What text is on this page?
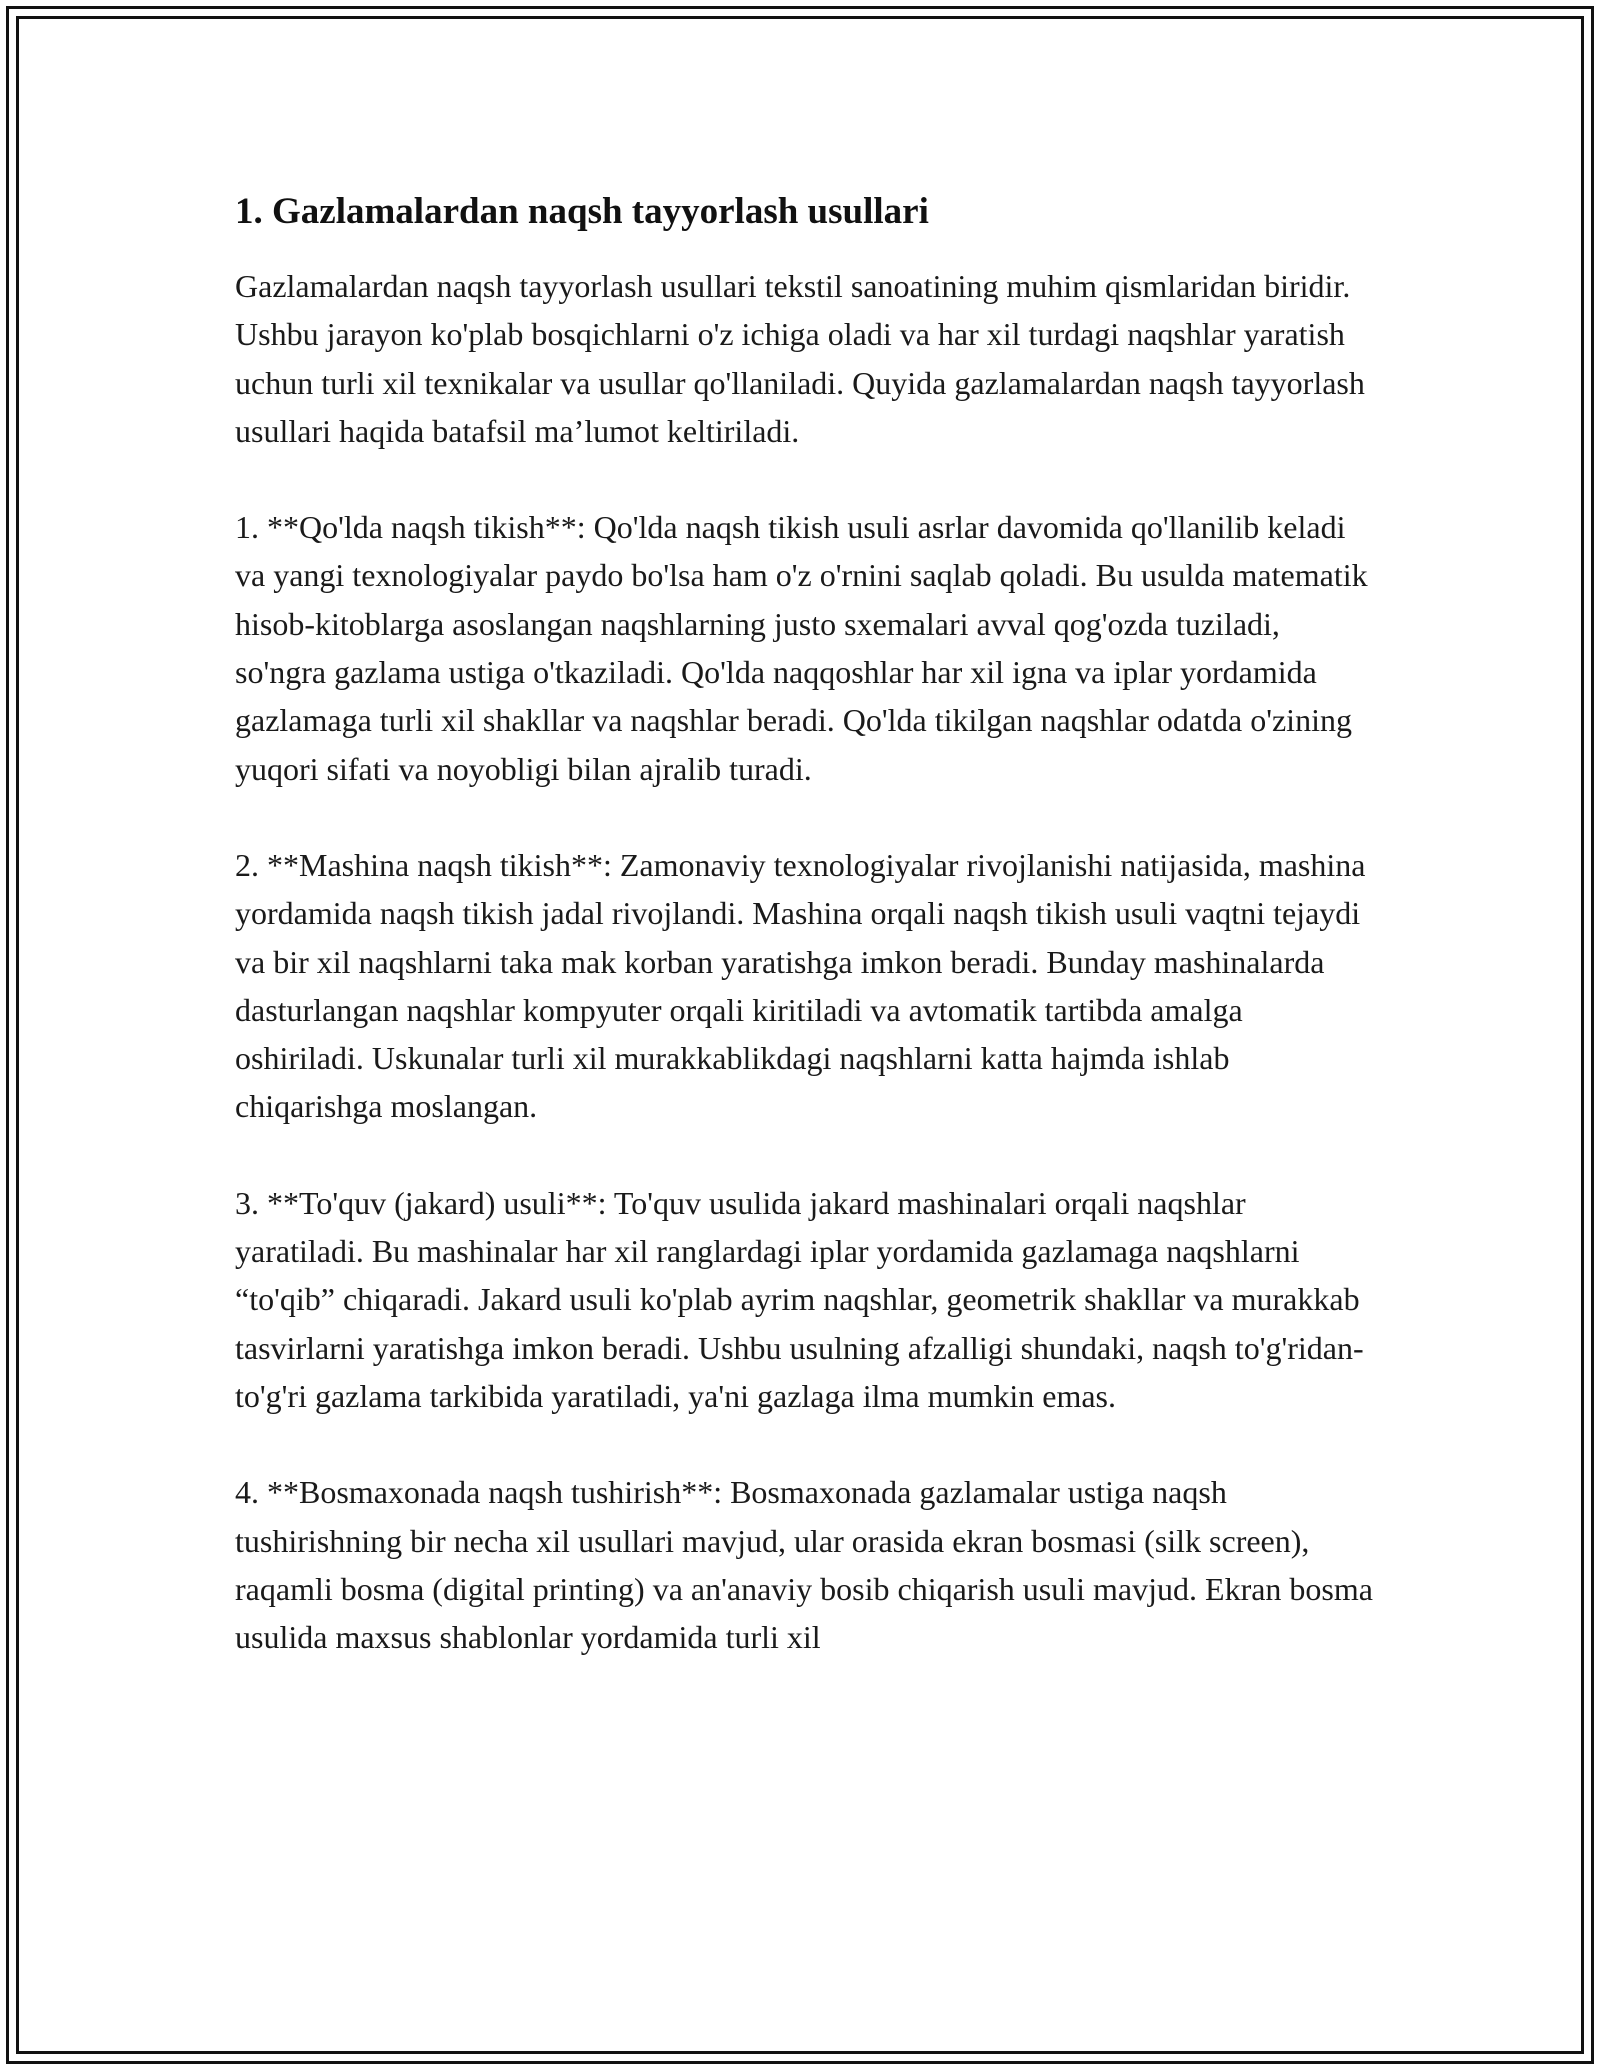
1. Gazlamalardan naqsh tayyorlash usullari

Gazlamalardan naqsh tayyorlash usullari tekstil sanoatining muhim qismlaridan biridir. Ushbu jarayon ko'plab bosqichlarni o'z ichiga oladi va har xil turdagi naqshlar yaratish uchun turli xil texnikalar va usullar qo'llaniladi. Quyida gazlamalardan naqsh tayyorlash usullari haqida batafsil ma’lumot keltiriladi.

1. **Qo'lda naqsh tikish**: Qo'lda naqsh tikish usuli asrlar davomida qo'llanilib keladi va yangi texnologiyalar paydo bo'lsa ham o'z o'rnini saqlab qoladi. Bu usulda matematik hisob-kitoblarga asoslangan naqshlarning justo sxemalari avval qog'ozda tuziladi, so'ngra gazlama ustiga o'tkaziladi. Qo'lda naqqoshlar har xil igna va iplar yordamida gazlamaga turli xil shakllar va naqshlar beradi. Qo'lda tikilgan naqshlar odatda o'zining yuqori sifati va noyobligi bilan ajralib turadi.

2. **Mashina naqsh tikish**: Zamonaviy texnologiyalar rivojlanishi natijasida, mashina yordamida naqsh tikish jadal rivojlandi. Mashina orqali naqsh tikish usuli vaqtni tejaydi va bir xil naqshlarni taka mak korban yaratishga imkon beradi. Bunday mashinalarda dasturlangan naqshlar kompyuter orqali kiritiladi va avtomatik tartibda amalga oshiriladi. Uskunalar turli xil murakkablikdagi naqshlarni katta hajmda ishlab chiqarishga moslangan.

3. **To'quv (jakard) usuli**: To'quv usulida jakard mashinalari orqali naqshlar yaratiladi. Bu mashinalar har xil ranglardagi iplar yordamida gazlamaga naqshlarni “to'qib” chiqaradi. Jakard usuli ko'plab ayrim naqshlar, geometrik shakllar va murakkab tasvirlarni yaratishga imkon beradi. Ushbu usulning afzalligi shundaki, naqsh to'g'ridan-to'g'ri gazlama tarkibida yaratiladi, ya'ni gazlaga ilma mumkin emas.

4. **Bosmaxonada naqsh tushirish**: Bosmaxonada gazlamalar ustiga naqsh tushirishning bir necha xil usullari mavjud, ular orasida ekran bosmasi (silk screen), raqamli bosma (digital printing) va an'anaviy bosib chiqarish usuli mavjud. Ekran bosma usulida maxsus shablonlar yordamida turli xil
